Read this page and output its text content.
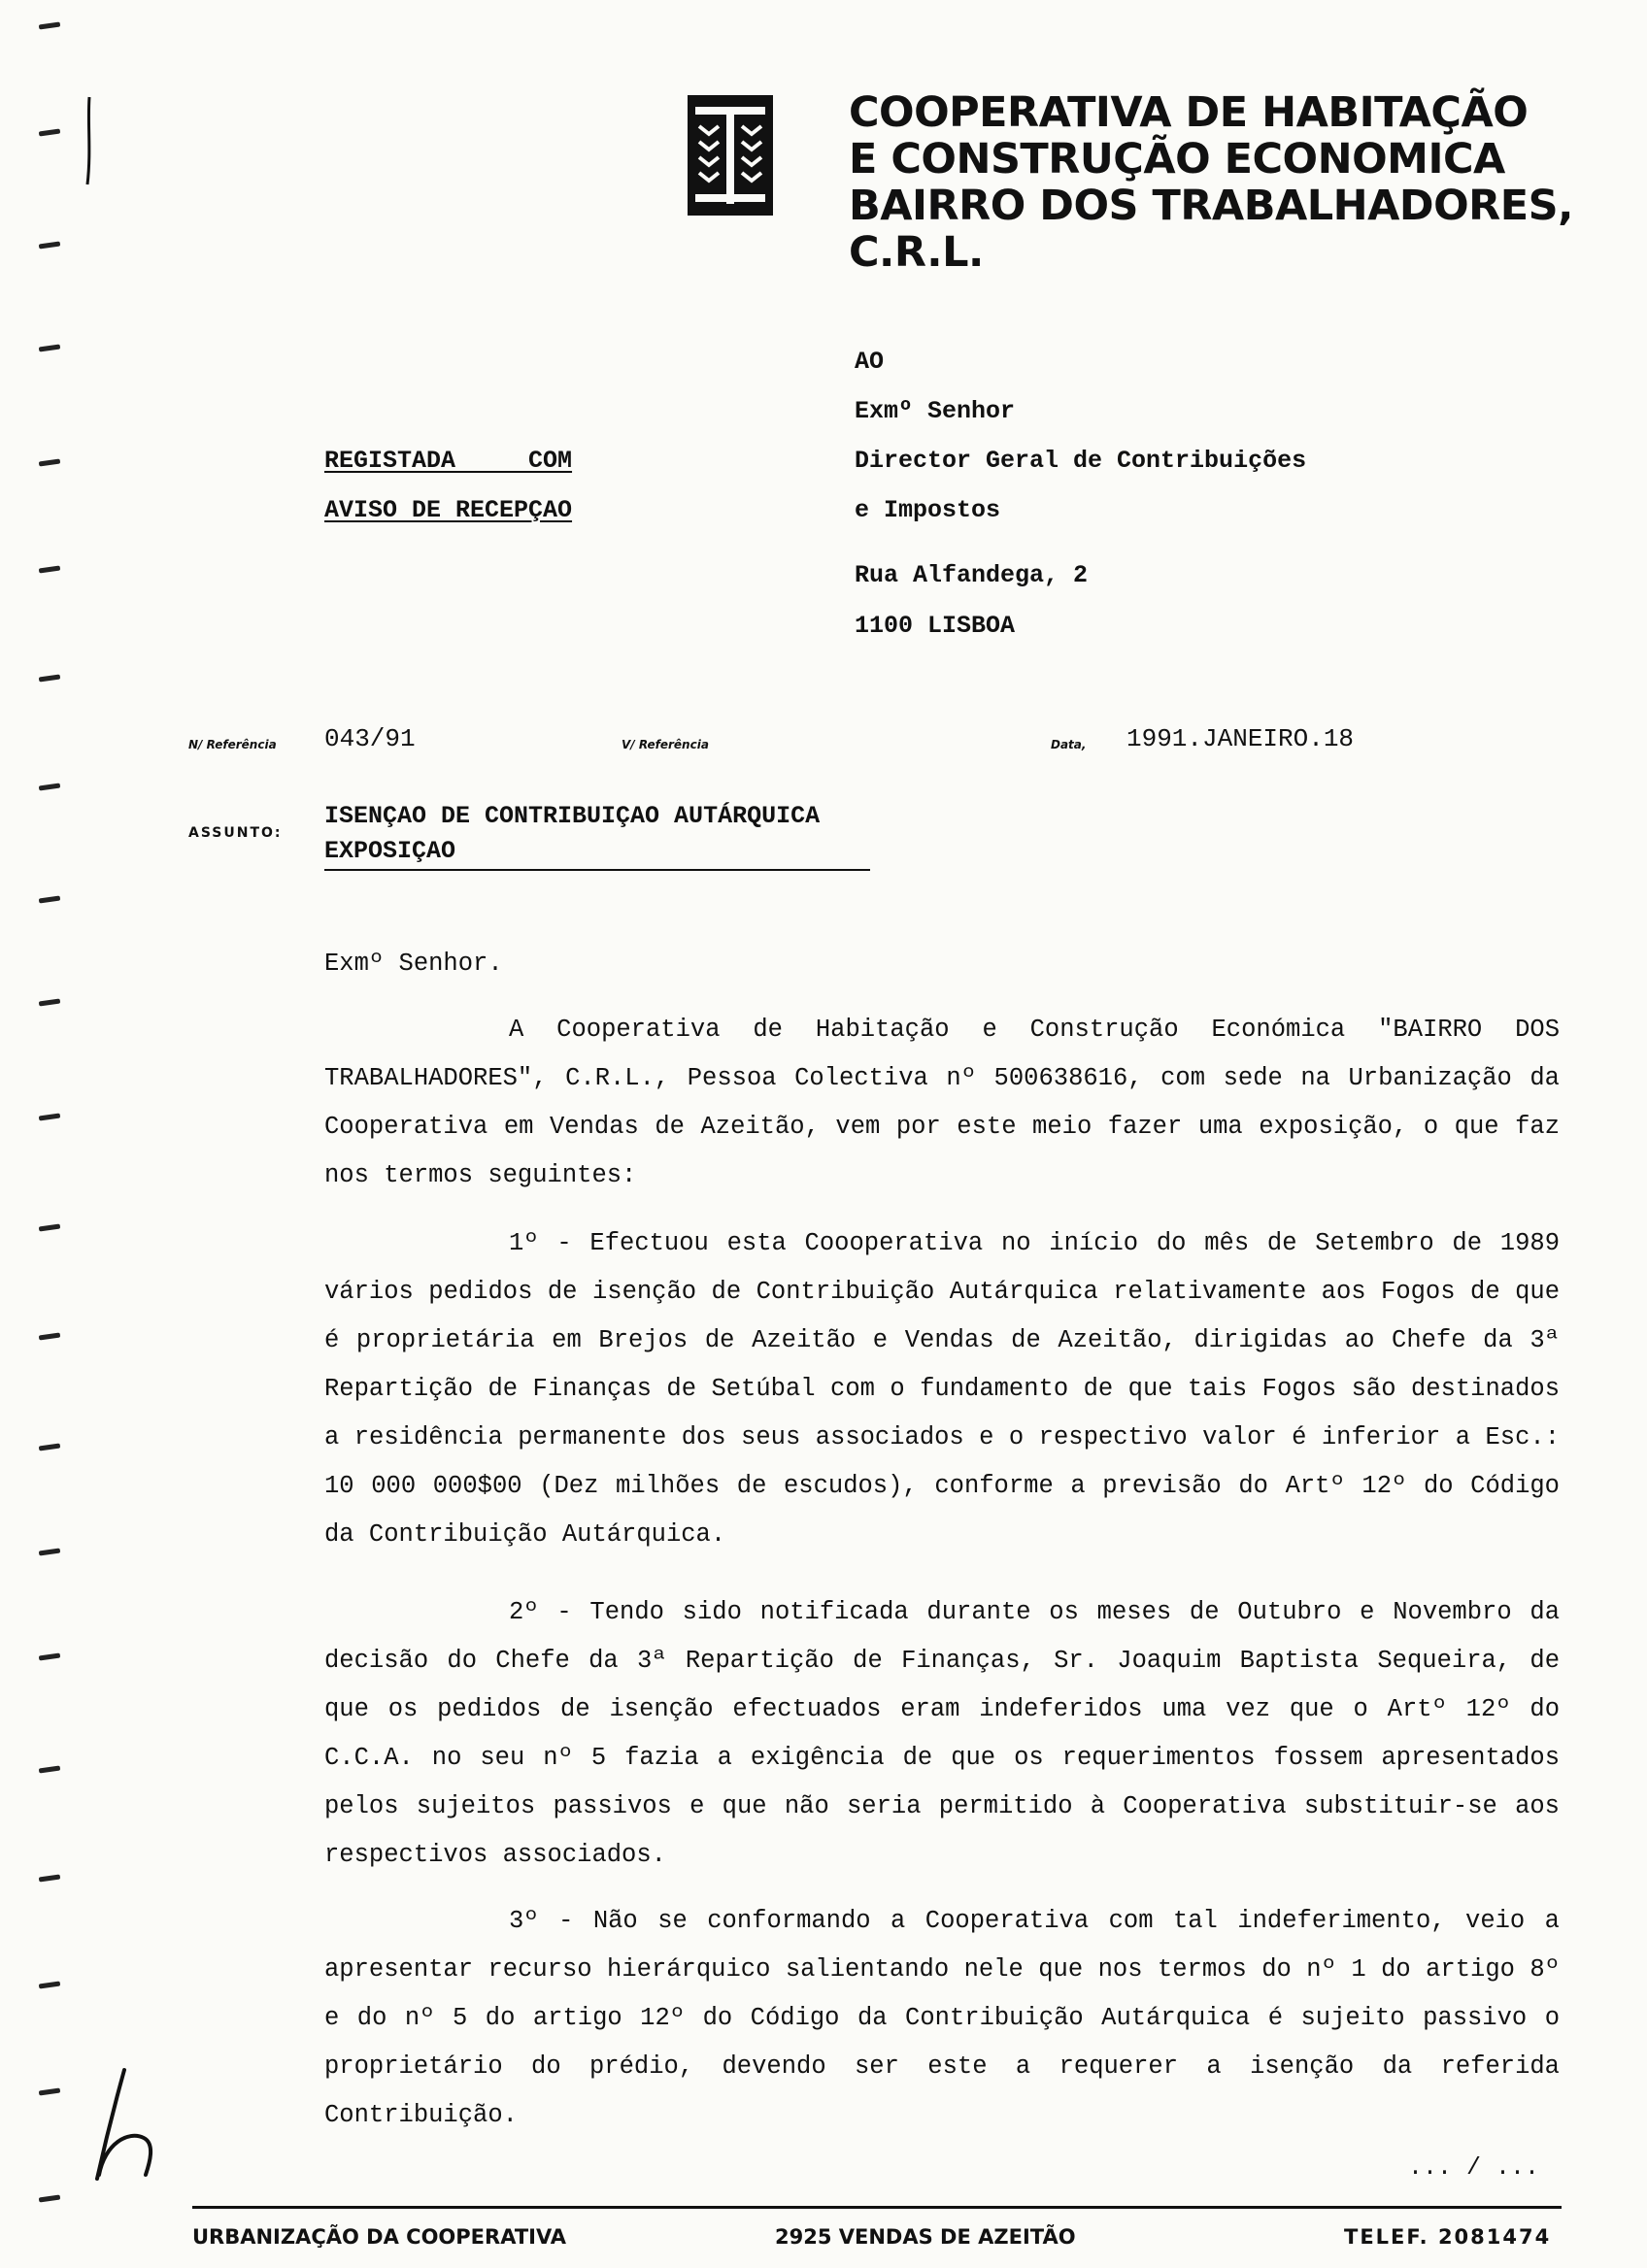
COOPERATIVA DE HABITAÇÃO
E CONSTRUÇÃO ECONOMICA
BAIRRO DOS TRABALHADORES, C.R.L.
REGISTADA     COM
AVISO DE RECEPÇAO
AO
Exmº Senhor
Director Geral de Contribuições
e Impostos
Rua Alfandega, 2
1100 LISBOA
N/ Referência 043/91	V/ Referência	Data, 1991.JANEIRO.18
ASSUNTO:
ISENÇAO DE CONTRIBUIÇAO AUTÁRQUICA
EXPOSIÇAO
Exmº Senhor.
A Cooperativa de Habitação e Construção Económica "BAIRRO DOS TRABALHADORES", C.R.L., Pessoa Colectiva nº 500638616, com sede na Urbanização da Cooperativa em Vendas de Azeitão, vem por este meio fazer uma exposição, o que faz nos termos seguintes:
1º - Efectuou esta Coooperativa no início do mês de Setembro de 1989 vários pedidos de isenção de Contribuição Autárquica relativamente aos Fogos de que é proprietária em Brejos de Azeitão e Vendas de Azeitão, dirigidas ao Chefe da 3ª Repartição de Finanças de Setúbal com o fundamento de que tais Fogos são destinados a residência permanente dos seus associados e o respectivo valor é inferior a Esc.: 10 000 000$00 (Dez milhões de escudos), conforme a previsão do Artº 12º do Código da Contribuição Autárquica.
2º - Tendo sido notificada durante os meses de Outubro e Novembro da decisão do Chefe da 3ª Repartição de Finanças, Sr. Joaquim Baptista Sequeira, de que os pedidos de isenção efectuados eram indeferidos uma vez que o Artº 12º do C.C.A. no seu nº 5 fazia a exigência de que os requerimentos fossem apresentados pelos sujeitos passivos e que não seria permitido à Cooperativa substituir-se aos respectivos associados.
3º - Não se conformando a Cooperativa com tal indeferimento, veio a apresentar recurso hierárquico salientando nele que nos termos do nº 1 do artigo 8º e do nº 5 do artigo 12º do Código da Contribuição Autárquica é sujeito passivo o proprietário do prédio, devendo ser este a requerer a isenção da referida Contribuição.
... / ...
URBANIZAÇÃO DA COOPERATIVA	2925 VENDAS DE AZEITÃO	TELEF. 2081474
